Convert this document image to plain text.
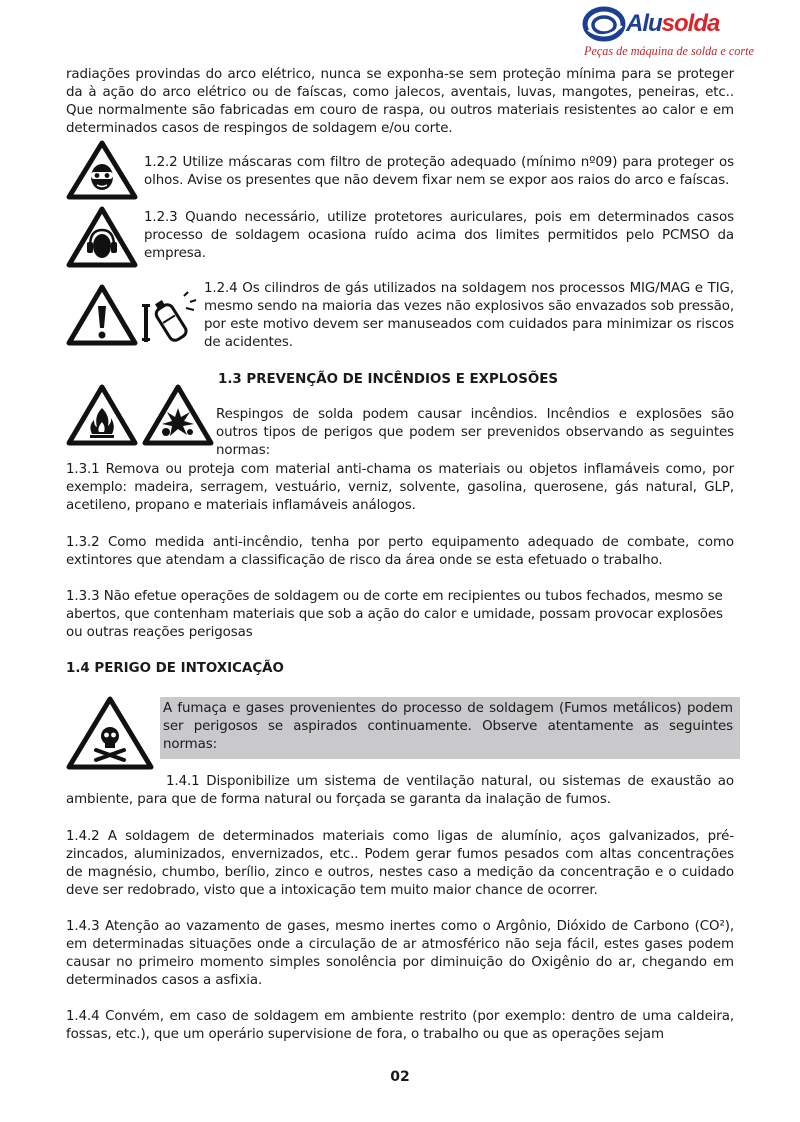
Alusolda
Peças de máquina de solda e corte
radiações provindas do arco elétrico, nunca se exponha-se sem proteção mínima para se proteger da à ação do arco elétrico ou de faíscas, como jalecos, aventais, luvas, mangotes, peneiras, etc.. Que normalmente são fabricadas em couro de raspa, ou outros materiais resistentes ao calor e em determinados casos de respingos de soldagem e/ou corte.
1.2.2 Utilize máscaras com filtro de proteção adequado (mínimo nº09) para proteger os olhos. Avise os presentes que não devem fixar nem se expor aos raios do arco e faíscas.
1.2.3 Quando necessário, utilize protetores auriculares, pois em determinados casos processo de soldagem ocasiona ruído acima dos limites permitidos pelo PCMSO da empresa.
1.2.4 Os cilindros de gás utilizados na soldagem nos processos MIG/MAG e TIG, mesmo sendo na maioria das vezes não explosivos são envazados sob pressão, por este motivo devem ser manuseados com cuidados para minimizar os riscos de acidentes.
1.3 PREVENÇÃO DE INCÊNDIOS E EXPLOSÕES
Respingos de solda podem causar incêndios. Incêndios e explosões são outros tipos de perigos que podem ser prevenidos observando as seguintes normas:
1.3.1 Remova ou proteja com material anti-chama os materiais ou objetos inflamáveis como, por exemplo: madeira, serragem, vestuário, verniz, solvente, gasolina, querosene, gás natural, GLP, acetileno, propano e materiais inflamáveis análogos.
1.3.2 Como medida anti-incêndio, tenha por perto equipamento adequado de combate, como extintores que atendam a classificação de risco da área onde se esta efetuado o trabalho.
1.3.3 Não efetue operações de soldagem ou de corte em recipientes ou tubos fechados, mesmo se abertos, que contenham materiais que sob a ação do calor e umidade, possam provocar explosões ou outras reações perigosas
1.4 PERIGO DE INTOXICAÇÃO
A fumaça e gases provenientes do processo de soldagem (Fumos metálicos) podem ser perigosos se aspirados continuamente. Observe atentamente as seguintes normas:
1.4.1 Disponibilize um sistema de ventilação natural, ou sistemas de exaustão ao ambiente, para que de forma natural ou forçada se garanta da inalação de fumos.
1.4.2 A soldagem de determinados materiais como ligas de alumínio, aços galvanizados, pré-zincados, aluminizados, envernizados, etc.. Podem gerar fumos pesados com altas concentrações de magnésio, chumbo, berílio, zinco e outros, nestes caso a medição da concentração e o cuidado deve ser redobrado, visto que a intoxicação tem muito maior chance de ocorrer.
1.4.3 Atenção ao vazamento de gases, mesmo inertes como o Argônio, Dióxido de Carbono (CO²), em determinadas situações onde a circulação de ar atmosférico não seja fácil, estes gases podem causar no primeiro momento simples sonolência por diminuição do Oxigênio do ar, chegando em determinados casos a asfixia.
1.4.4 Convém, em caso de soldagem em ambiente restrito (por exemplo: dentro de uma caldeira, fossas, etc.), que um operário supervisione de fora, o trabalho ou que as operações sejam
02
